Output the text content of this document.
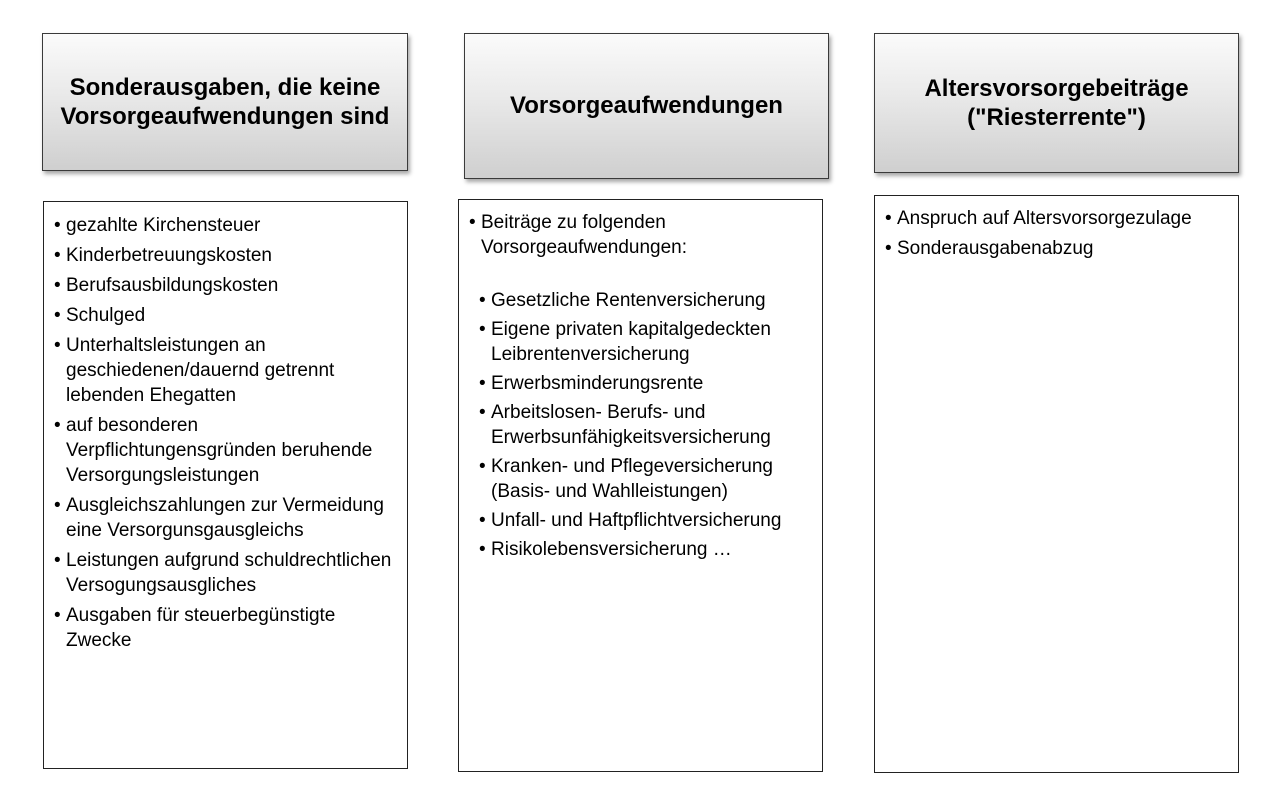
Sonderausgaben, die keine Vorsorgeaufwendungen sind
• gezahlte Kirchensteuer
• Kinderbetreuungskosten
• Berufsausbildungskosten
• Schulged
• Unterhaltsleistungen an geschiedenen/dauernd getrennt lebenden Ehegatten
• auf besonderen Verpflichtungensgründen beruhende Versorgungsleistungen
• Ausgleichszahlungen zur Vermeidung eine Versorgunsgausgleichs
• Leistungen aufgrund schuldrechtlichen Versogungsausgliches
• Ausgaben für steuerbegünstigte Zwecke
Vorsorgeaufwendungen
• Beiträge zu folgenden Vorsorgeaufwendungen:
• Gesetzliche Rentenversicherung
• Eigene privaten kapitalgedeckten Leibrentenversicherung
• Erwerbsminderungsrente
• Arbeitslosen- Berufs- und Erwerbsunfähigkeitsversicherung
• Kranken- und Pflegeversicherung (Basis- und Wahlleistungen)
• Unfall- und Haftpflichtversicherung
• Risikolebensversicherung …
Altersvorsorgebeiträge ("Riesterrente")
• Anspruch auf Altersvorsorgezulage
• Sonderausgabenabzug
